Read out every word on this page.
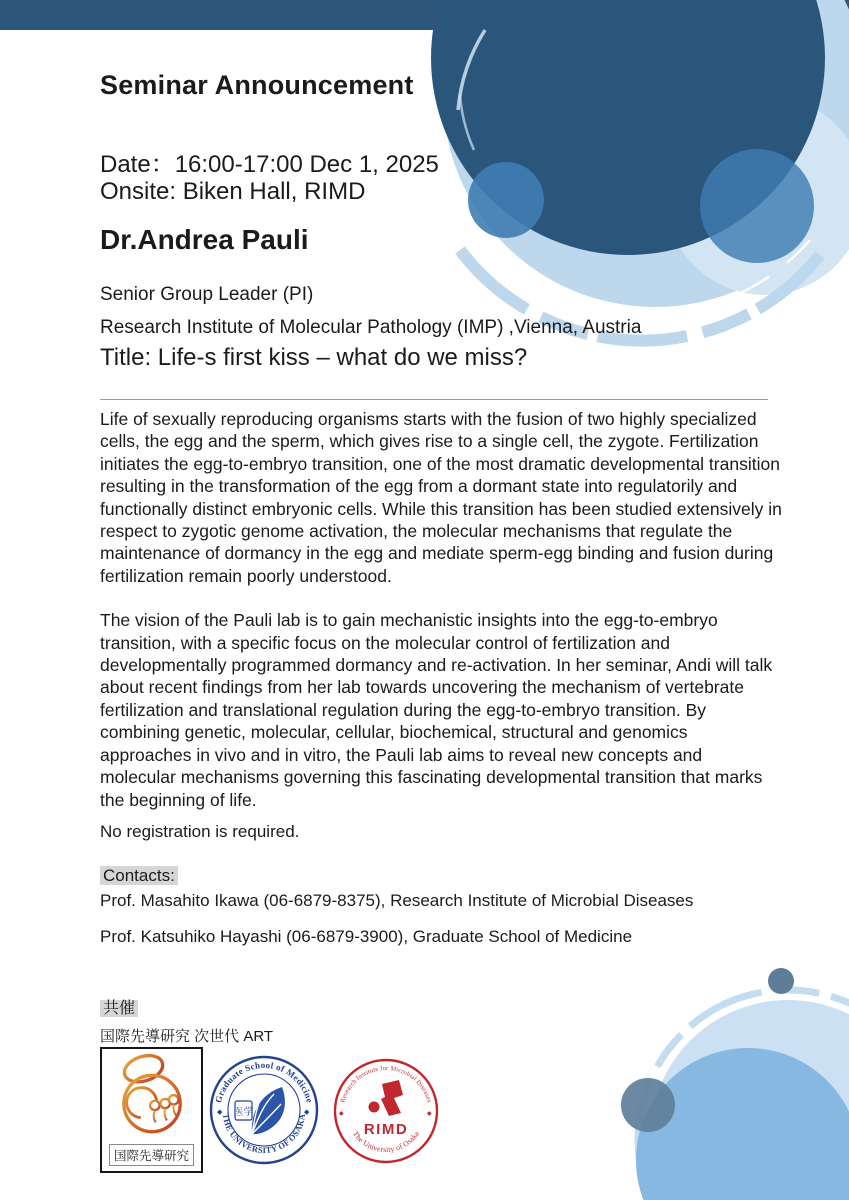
Seminar Announcement
Date：16:00-17:00 Dec 1, 2025
Onsite: Biken Hall, RIMD
Dr.Andrea Pauli
Senior Group Leader (PI)
Research Institute of Molecular Pathology (IMP) ,Vienna, Austria
Title: Life-s first kiss – what do we miss?

Life of sexually reproducing organisms starts with the fusion of two highly specialized cells, the egg and the sperm, which gives rise to a single cell, the zygote. Fertilization initiates the egg-to-embryo transition, one of the most dramatic developmental transition resulting in the transformation of the egg from a dormant state into regulatorily and functionally distinct embryonic cells. While this transition has been studied extensively in respect to zygotic genome activation, the molecular mechanisms that regulate the maintenance of dormancy in the egg and mediate sperm-egg binding and fusion during fertilization remain poorly understood.

The vision of the Pauli lab is to gain mechanistic insights into the egg-to-embryo transition, with a specific focus on the molecular control of fertilization and developmentally programmed dormancy and re-activation. In her seminar, Andi will talk about recent findings from her lab towards uncovering the mechanism of vertebrate fertilization and translational regulation during the egg-to-embryo transition. By combining genetic, molecular, cellular, biochemical, structural and genomics approaches in vivo and in vitro, the Pauli lab aims to reveal new concepts and molecular mechanisms governing this fascinating developmental transition that marks the beginning of life.

No registration is required.

Contacts:
Prof. Masahito Ikawa (06-6879-8375), Research Institute of Microbial Diseases
Prof. Katsuhiko Hayashi (06-6879-3900), Graduate School of Medicine
共催
国際先導研究 次世代 ART
国際先導研究
Graduate School of Medicine
THE UNIVERSITY OF OSAKA
◆	◆
医学
Research Institute for Microbial Diseases
The University of Osaka
◆	◆
RIMD
